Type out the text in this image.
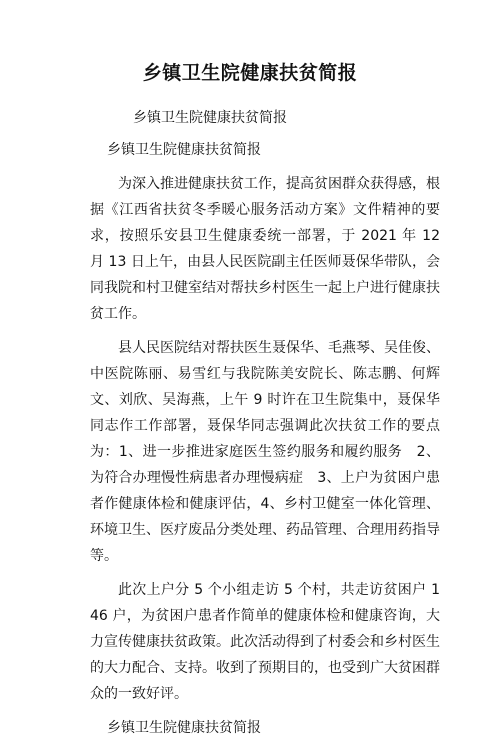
乡镇卫生院健康扶贫简报
乡镇卫生院健康扶贫简报
乡镇卫生院健康扶贫简报

为深入推进健康扶贫工作，提高贫困群众获得感，根据《江西省扶贫冬季暖心服务活动方案》文件精神的要求，按照乐安县卫生健康委统一部署，于 2021 年 12 月 13 日上午，由县人民医院副主任医师聂保华带队，会同我院和村卫健室结对帮扶乡村医生一起上户进行健康扶贫工作。

县人民医院结对帮扶医生聂保华、毛燕琴、吴佳俊、中医院陈丽、易雪红与我院陈美安院长、陈志鹏、何辉文、刘欣、吴海燕，上午 9 时许在卫生院集中，聂保华同志作工作部署，聂保华同志强调此次扶贫工作的要点为：1、进一步推进家庭医生签约服务和履约服务　2、为符合办理慢性病患者办理慢病症　3、上户为贫困户患者作健康体检和健康评估，4、乡村卫健室一体化管理、环境卫生、医疗废品分类处理、药品管理、合理用药指导等。

此次上户分 5 个小组走访 5 个村，共走访贫困户 146 户，为贫困户患者作简单的健康体检和健康咨询，大力宣传健康扶贫政策。此次活动得到了村委会和乡村医生的大力配合、支持。收到了预期目的，也受到广大贫困群众的一致好评。

乡镇卫生院健康扶贫简报
